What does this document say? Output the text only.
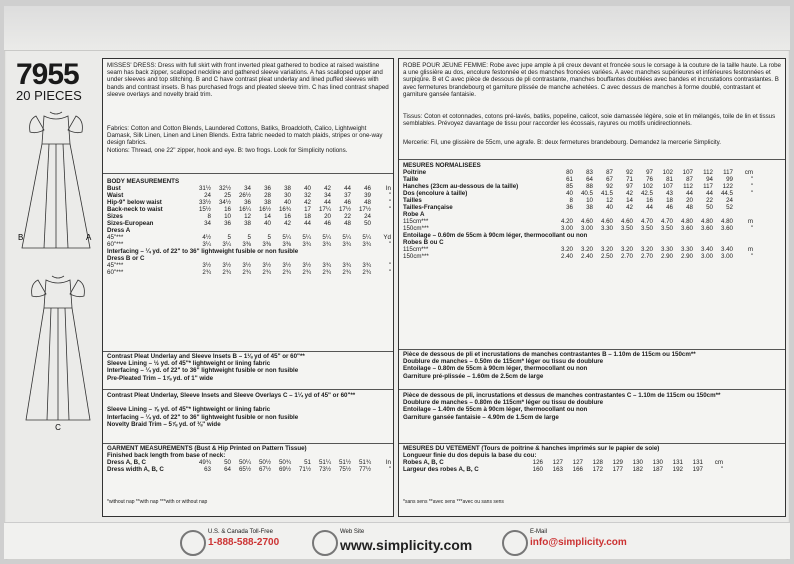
7955
20 PIECES
B	A
C
MISSES' DRESS: Dress with full skirt with front inverted pleat gathered to bodice at raised waistline seam has back zipper, scalloped neckline and gathered sleeve variations. A has scalloped upper and under sleeves and top stitching. B and C have contrast pleat underlay and lined puffed sleeves with bands and contrast insets. B has purchased frogs and pleated sleeve trim. C has lined contrast shaped sleeve overlays and novelty braid trim.
Fabrics: Cotton and Cotton Blends, Laundered Cottons, Batiks, Broadcloth, Calico, Lightweight Damask, Silk Linen, Linen and Linen Blends. Extra fabric needed to match plaids, stripes or one-way design fabrics.
Notions: Thread, one 22" zipper, hook and eye. B: two frogs. Look for Simplicity notions.
BODY MEASUREMENTS										
Bust	31½	32½	34	36	38	40	42	44	46	In
Waist	24	25	26½	28	30	32	34	37	39	"
Hip-9" below waist	33½	34½	36	38	40	42	44	46	48	"
Back-neck to waist	15½	16	16¼	16½	16¾	17	17¼	17½	17½	"
Sizes	8	10	12	14	16	18	20	22	24	
Sizes-European	34	36	38	40	42	44	46	48	50	
Dress A										
45"***	4½	5	5	5	5¼	5¼	5¼	5¼	5¼	Yd
60"***	3¼	3¼	3⅜	3⅜	3⅜	3¾	3¾	3¾	3¾	"
Interfacing – ¼ yd. of 22" to 36" lightweight fusible or non fusible										
Dress B or C										
45"***	3½	3½	3½	3½	3½	3½	3¾	3¾	3¾	"
60"***	2¾	2¾	2¾	2¾	2¾	2¾	2¾	2¾	2¾	"
Contrast Pleat Underlay and Sleeve Insets B – 1⅛ yd of 45" or 60"**
Sleeve Lining – ½ yd. of 45"* lightweight or lining fabric
Interfacing – ¼ yd. of 22" to 36" lightweight fusible or non fusible
Pre-Pleated Trim – 1⅞ yd. of 1" wide
Contrast Pleat Underlay, Sleeve Insets and Sleeve Overlays C – 1¼ yd of 45" or 60"**

Sleeve Lining – ⅞ yd. of 45"* lightweight or lining fabric
Interfacing – ¼ yd. of 22" to 36" lightweight fusible or non fusible
Novelty Braid Trim – 5⅞ yd. of ⅜" wide
GARMENT MEASUREMENTS (Bust & Hip Printed on Pattern Tissue)										
Finished back length from base of neck:										
Dress A, B, C	49¾	50	50¼	50½	50¾	51	51¼	51½	51¾	In
Dress width A, B, C	63	64	65½	67½	69½	71½	73½	75½	77½	"
*without nap **with nap ***with or without nap
ROBE POUR JEUNE FEMME: Robe avec jupe ample à pli creux devant et froncée sous le corsage à la couture de la taille haute. La robe a une glissière au dos, encolure festonnée et des manches froncées variées. A avec manches supérieures et inférieures festonnées et surpiqûre. B et C avec pièce de dessous de pli contrastante, manches bouffantes doublées avec bandes et incrustations contrastantes. B avec fermetures brandebourg et garniture plissée de manche achetées. C avec dessus de manches à forme doublé, contrastant et garniture gansée fantaisie.
Tissus: Coton et cotonnades, cotons pré-lavés, batiks, popeline, calicot, soie damassée légère, soie et lin mélangés, toile de lin et tissus semblables. Prévoyez davantage de tissu pour raccorder les écossais, rayures ou motifs unidirectionnels.
Mercerie: Fil, une glissière de 55cm, une agrafe. B: deux fermetures brandebourg. Demandez la mercerie Simplicity.
MESURES NORMALISEES										
Poitrine	80	83	87	92	97	102	107	112	117	cm
Taille	61	64	67	71	76	81	87	94	99	"
Hanches (23cm au-dessous de la taille)	85	88	92	97	102	107	112	117	122	"
Dos (encolure à taille)	40	40.5	41.5	42	42.5	43	44	44	44.5	"
Tailles	8	10	12	14	16	18	20	22	24	
Tailles-Française	36	38	40	42	44	46	48	50	52	
Robe A										
115cm***	4.20	4.60	4.60	4.60	4.70	4.70	4.80	4.80	4.80	m
150cm***	3.00	3.00	3.30	3.50	3.50	3.50	3.60	3.60	3.60	"
Entoilage – 0.60m de 55cm à 90cm léger, thermocollant ou non										
Robes B ou C										
115cm***	3.20	3.20	3.20	3.20	3.20	3.30	3.30	3.40	3.40	m
150cm***	2.40	2.40	2.50	2.70	2.70	2.90	2.90	3.00	3.00	"
Pièce de dessous de pli et incrustations de manches contrastantes B – 1.10m de 115cm ou 150cm**
Doublure de manches – 0.50m de 115cm* léger ou tissu de doublure
Entoilage – 0.80m de 55cm à 90cm léger, thermocollant ou non
Garniture pré-plissée – 1.60m de 2.5cm de large
Pièce de dessous de pli, incrustations et dessus de manches contrastantes C – 1.10m de 115cm ou 150cm**
Doublure de manches – 0.80m de 115cm* léger ou tissu de doublure
Entoilage – 1.40m de 55cm à 90cm léger, thermocollant ou non
Garniture gansée fantaisie – 4.90m de 1.5cm de large
MESURES DU VETEMENT (Tours de poitrine & hanches imprimés sur le papier de soie)										
Longueur finie du dos depuis la base du cou:										
Robes A, B, C	126	127	127	128	129	130	130	131	131	cm
Largeur des robes A, B, C	160	163	166	172	177	182	187	192	197	"
*sans sens **avec sens ***avec ou sans sens
U.S. & Canada Toll-Free
1-888-588-2700
Web Site
www.simplicity.com
E-Mail
info@simplicity.com
